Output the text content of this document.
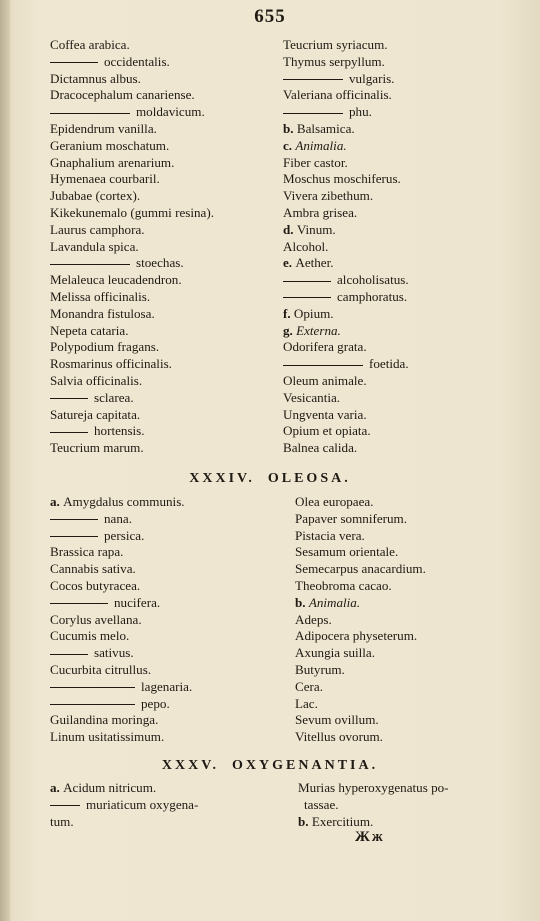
655
Coffea arabica.
occidentalis.
Dictamnus albus.
Dracocephalum canariense.
moldavicum.
Epidendrum vanilla.
Geranium moschatum.
Gnaphalium arenarium.
Hymenaea courbaril.
Jubabae (cortex).
Kikekunemalo (gummi resina).
Laurus camphora.
Lavandula spica.
stoechas.
Melaleuca leucadendron.
Melissa officinalis.
Monandra fistulosa.
Nepeta cataria.
Polypodium fragans.
Rosmarinus officinalis.
Salvia officinalis.
sclarea.
Satureja capitata.
hortensis.
Teucrium marum.
Teucrium syriacum.
Thymus serpyllum.
vulgaris.
Valeriana officinalis.
phu.
b. Balsamica.
c. Animalia.
Fiber castor.
Moschus moschiferus.
Vivera zibethum.
Ambra grisea.
d. Vinum.
Alcohol.
e. Aether.
alcoholisatus.
camphoratus.
f. Opium.
g. Externa.
Odorifera grata.
foetida.
Oleum animale.
Vesicantia.
Ungventa varia.
Opium et opiata.
Balnea calida.
XXXIV. OLEOSA.
a. Amygdalus communis.
nana.
persica.
Brassica rapa.
Cannabis sativa.
Cocos butyracea.
nucifera.
Corylus avellana.
Cucumis melo.
sativus.
Cucurbita citrullus.
lagenaria.
pepo.
Guilandina moringa.
Linum usitatissimum.
Olea europaea.
Papaver somniferum.
Pistacia vera.
Sesamum orientale.
Semecarpus anacardium.
Theobroma cacao.
b. Animalia.
Adeps.
Adipocera physeterum.
Axungia suilla.
Butyrum.
Cera.
Lac.
Sevum ovillum.
Vitellus ovorum.
XXXV. OXYGENANTIA.
a. Acidum nitricum.
muriaticum oxygena-
tum.
Murias hyperoxygenatus po-
tassae.
b. Exercitium.
Жж
